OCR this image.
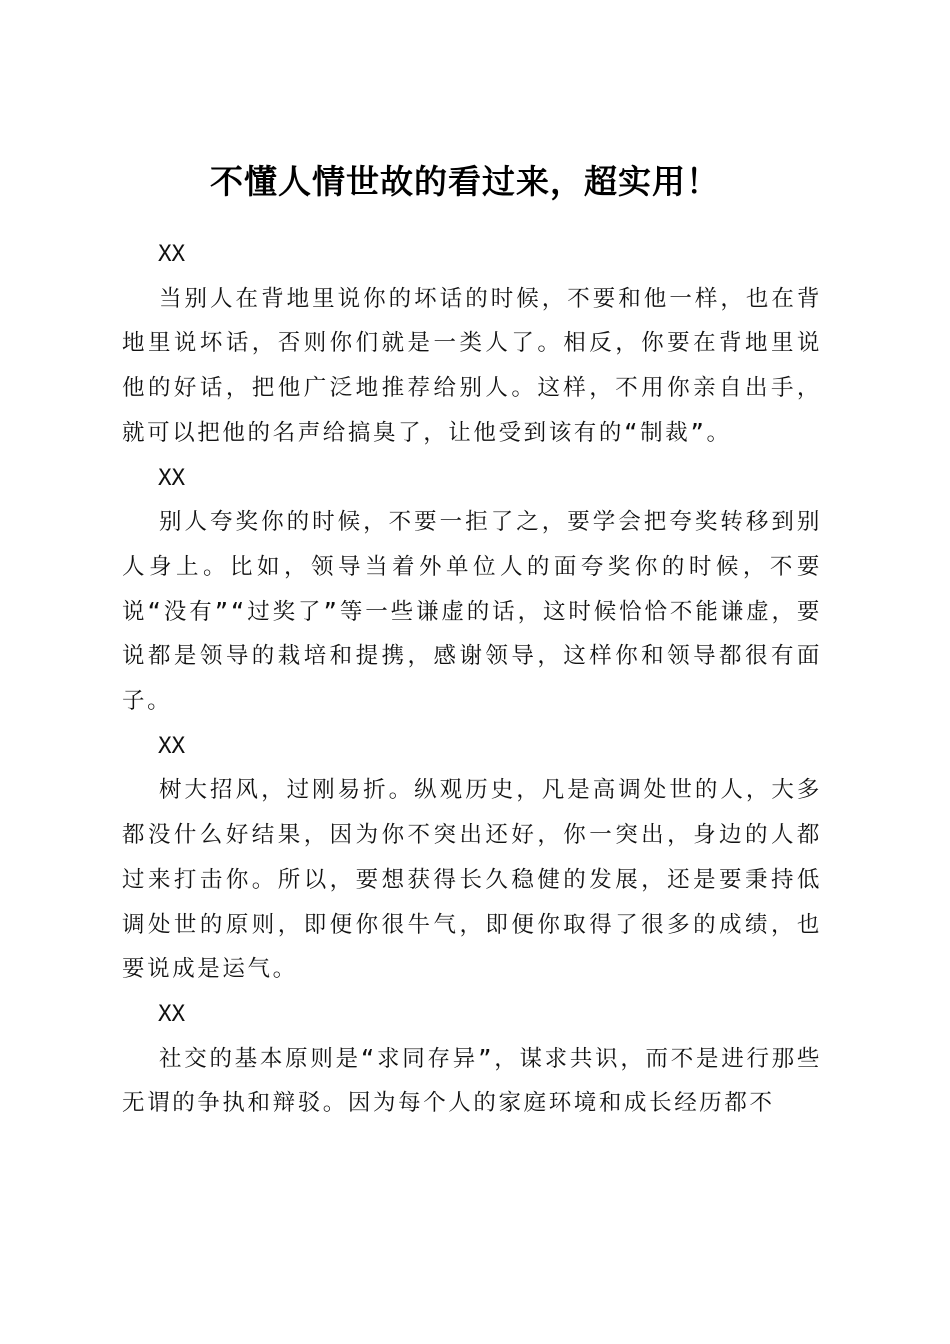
不懂人情世故的看过来，超实用！

XX

当别人在背地里说你的坏话的时候，不要和他一样，也在背地里说坏话，否则你们就是一类人了。相反，你要在背地里说他的好话，把他广泛地推荐给别人。这样，不用你亲自出手，就可以把他的名声给搞臭了，让他受到该有的“制裁”。

XX

别人夸奖你的时候，不要一拒了之，要学会把夸奖转移到别人身上。比如，领导当着外单位人的面夸奖你的时候，不要说“没有”“过奖了”等一些谦虚的话，这时候恰恰不能谦虚，要说都是领导的栽培和提携，感谢领导，这样你和领导都很有面子。

XX

树大招风，过刚易折。纵观历史，凡是高调处世的人，大多都没什么好结果，因为你不突出还好，你一突出，身边的人都过来打击你。所以，要想获得长久稳健的发展，还是要秉持低调处世的原则，即便你很牛气，即便你取得了很多的成绩，也要说成是运气。

XX

社交的基本原则是“求同存异”，谋求共识，而不是进行那些无谓的争执和辩驳。因为每个人的家庭环境和成长经历都不
